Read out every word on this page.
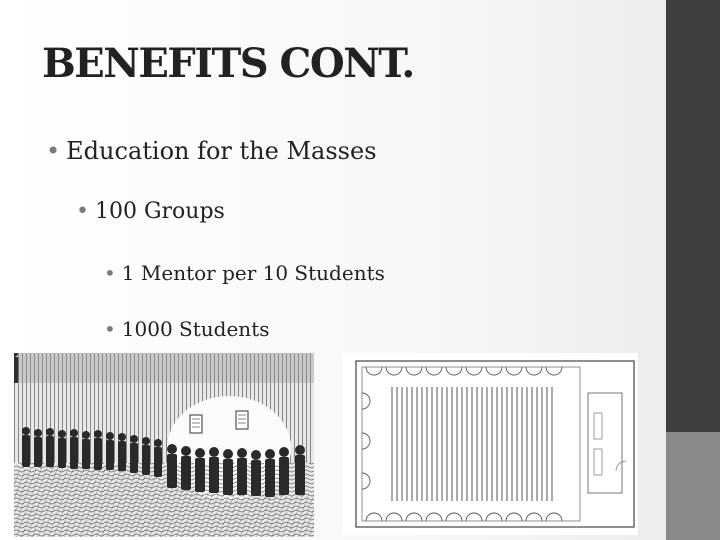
BENEFITS CONT.
• Education for the Masses
• 100 Groups
• 1 Mentor per 10 Students
• 1000 Students
